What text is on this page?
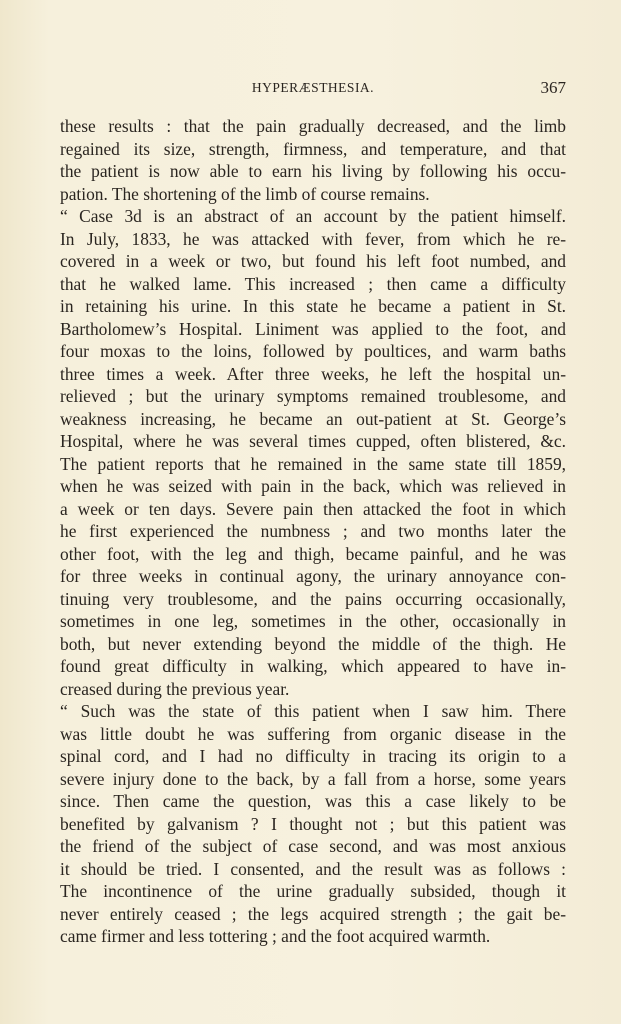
HYPERÆSTHESIA.	367
these results : that the pain gradually decreased, and the limb
regained its size, strength, firmness, and temperature, and that
the patient is now able to earn his living by following his occu-
pation. The shortening of the limb of course remains.
“ Case 3d is an abstract of an account by the patient himself.
In July, 1833, he was attacked with fever, from which he re-
covered in a week or two, but found his left foot numbed, and
that he walked lame. This increased ; then came a difficulty
in retaining his urine. In this state he became a patient in St.
Bartholomew’s Hospital. Liniment was applied to the foot, and
four moxas to the loins, followed by poultices, and warm baths
three times a week. After three weeks, he left the hospital un-
relieved ; but the urinary symptoms remained troublesome, and
weakness increasing, he became an out-patient at St. George’s
Hospital, where he was several times cupped, often blistered, &c.
The patient reports that he remained in the same state till 1859,
when he was seized with pain in the back, which was relieved in
a week or ten days. Severe pain then attacked the foot in which
he first experienced the numbness ; and two months later the
other foot, with the leg and thigh, became painful, and he was
for three weeks in continual agony, the urinary annoyance con-
tinuing very troublesome, and the pains occurring occasionally,
sometimes in one leg, sometimes in the other, occasionally in
both, but never extending beyond the middle of the thigh. He
found great difficulty in walking, which appeared to have in-
creased during the previous year.
“ Such was the state of this patient when I saw him. There
was little doubt he was suffering from organic disease in the
spinal cord, and I had no difficulty in tracing its origin to a
severe injury done to the back, by a fall from a horse, some years
since. Then came the question, was this a case likely to be
benefited by galvanism ? I thought not ; but this patient was
the friend of the subject of case second, and was most anxious
it should be tried. I consented, and the result was as follows :
The incontinence of the urine gradually subsided, though it
never entirely ceased ; the legs acquired strength ; the gait be-
came firmer and less tottering ; and the foot acquired warmth.
